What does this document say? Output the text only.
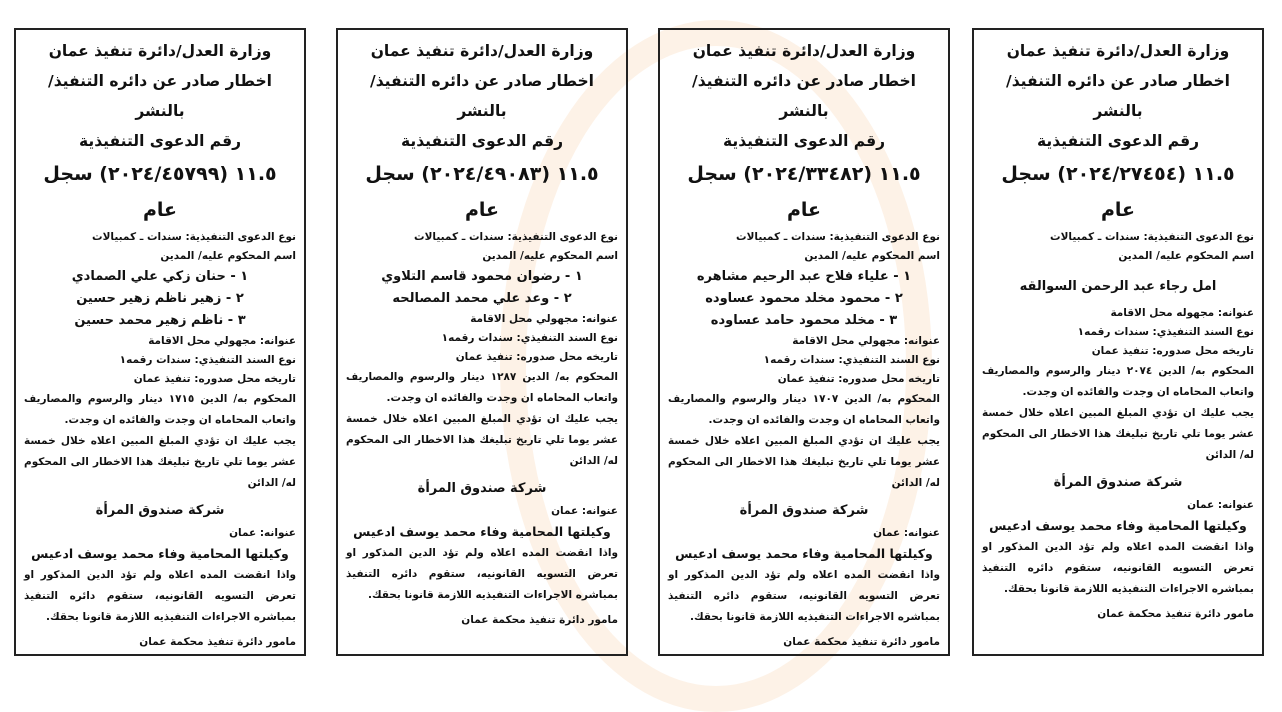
وزارة العدل/دائرة تنفيذ عمان
اخطار صادر عن دائره التنفيذ/ بالنشر
رقم الدعوى التنفيذية
١١.٥ (٢٠٢٤/٤٥٧٩٩) سجل عام
نوع الدعوى التنفيذية: سندات ـ كمبيالات
اسم المحكوم عليه/ المدين
١ - حنان زكي علي الصمادي
٢ - زهير ناظم زهير حسين
٣ - ناظم زهير محمد حسين
عنوانه: مجهولي محل الاقامة
نوع السند التنفيذي: سندات رقمه١
تاريخه محل صدوره: تنفيذ عمان
المحكوم به/ الدين ١٧١٥ دينار والرسوم والمصاريف واتعاب المحاماه ان وجدت والفائده ان وجدت.
يجب عليك ان تؤدي المبلغ المبين اعلاه خلال خمسة عشر يوما تلي تاريخ تبليغك هذا الاخطار الى المحكوم له/ الدائن
شركة صندوق المرأة
عنوانه: عمان
وكيلتها المحامية وفاء محمد يوسف ادعيس
واذا انقضت المده اعلاه ولم تؤد الدين المذكور او تعرض التسويه القانونيه، ستقوم دائره التنفيذ بمباشره الاجراءات التنفيذيه اللازمة قانونا بحقك.
مامور دائرة تنفيذ محكمة عمان
وزارة العدل/دائرة تنفيذ عمان
اخطار صادر عن دائره التنفيذ/ بالنشر
رقم الدعوى التنفيذية
١١.٥ (٢٠٢٤/٤٩٠٨٣) سجل عام
نوع الدعوى التنفيذية: سندات ـ كمبيالات
اسم المحكوم عليه/ المدين
١ - رضوان محمود قاسم التلاوي
٢ - وعد علي محمد المصالحه
عنوانه: مجهولي محل الاقامة
نوع السند التنفيذي: سندات رقمه١
تاريخه محل صدوره: تنفيذ عمان
المحكوم به/ الدين ١٢٨٧ دينار والرسوم والمصاريف واتعاب المحاماه ان وجدت والفائده ان وجدت.
يجب عليك ان تؤدي المبلغ المبين اعلاه خلال خمسة عشر يوما تلي تاريخ تبليغك هذا الاخطار الى المحكوم له/ الدائن
شركة صندوق المرأة
عنوانه: عمان
وكيلتها المحامية وفاء محمد يوسف ادعيس
واذا انقضت المده اعلاه ولم تؤد الدين المذكور او تعرض التسويه القانونيه، ستقوم دائره التنفيذ بمباشره الاجراءات التنفيذيه اللازمة قانونا بحقك.
مامور دائرة تنفيذ محكمة عمان
وزارة العدل/دائرة تنفيذ عمان
اخطار صادر عن دائره التنفيذ/ بالنشر
رقم الدعوى التنفيذية
١١.٥ (٢٠٢٤/٣٣٤٨٢) سجل عام
نوع الدعوى التنفيذية: سندات ـ كمبيالات
اسم المحكوم عليه/ المدين
١ - علياء فلاح عبد الرحيم مشاهره
٢ - محمود مخلد محمود عساوده
٣ - مخلد محمود حامد عساوده
عنوانه: مجهولي محل الاقامة
نوع السند التنفيذي: سندات رقمه١
تاريخه محل صدوره: تنفيذ عمان
المحكوم به/ الدين ١٧٠٧ دينار والرسوم والمصاريف واتعاب المحاماه ان وجدت والفائده ان وجدت.
يجب عليك ان تؤدي المبلغ المبين اعلاه خلال خمسة عشر يوما تلي تاريخ تبليغك هذا الاخطار الى المحكوم له/ الدائن
شركة صندوق المرأة
عنوانه: عمان
وكيلتها المحامية وفاء محمد يوسف ادعيس
واذا انقضت المده اعلاه ولم تؤد الدين المذكور او تعرض التسويه القانونيه، ستقوم دائره التنفيذ بمباشره الاجراءات التنفيذيه اللازمة قانونا بحقك.
مامور دائرة تنفيذ محكمة عمان
وزارة العدل/دائرة تنفيذ عمان
اخطار صادر عن دائره التنفيذ/ بالنشر
رقم الدعوى التنفيذية
١١.٥ (٢٠٢٤/٢٧٤٥٤) سجل عام
نوع الدعوى التنفيذية: سندات ـ كمبيالات
اسم المحكوم عليه/ المدين
امل رجاء عبد الرحمن السوالقه
عنوانه: مجهوله محل الاقامة
نوع السند التنفيذي: سندات رقمه١
تاريخه محل صدوره: تنفيذ عمان
المحكوم به/ الدين ٢٠٧٤ دينار والرسوم والمصاريف واتعاب المحاماه ان وجدت والفائده ان وجدت.
يجب عليك ان تؤدي المبلغ المبين اعلاه خلال خمسة عشر يوما تلي تاريخ تبليغك هذا الاخطار الى المحكوم له/ الدائن
شركة صندوق المرأة
عنوانه: عمان
وكيلتها المحامية وفاء محمد يوسف ادعيس
واذا انقضت المده اعلاه ولم تؤد الدين المذكور او تعرض التسويه القانونيه، ستقوم دائره التنفيذ بمباشره الاجراءات التنفيذيه اللازمة قانونا بحقك.
مامور دائرة تنفيذ محكمة عمان
